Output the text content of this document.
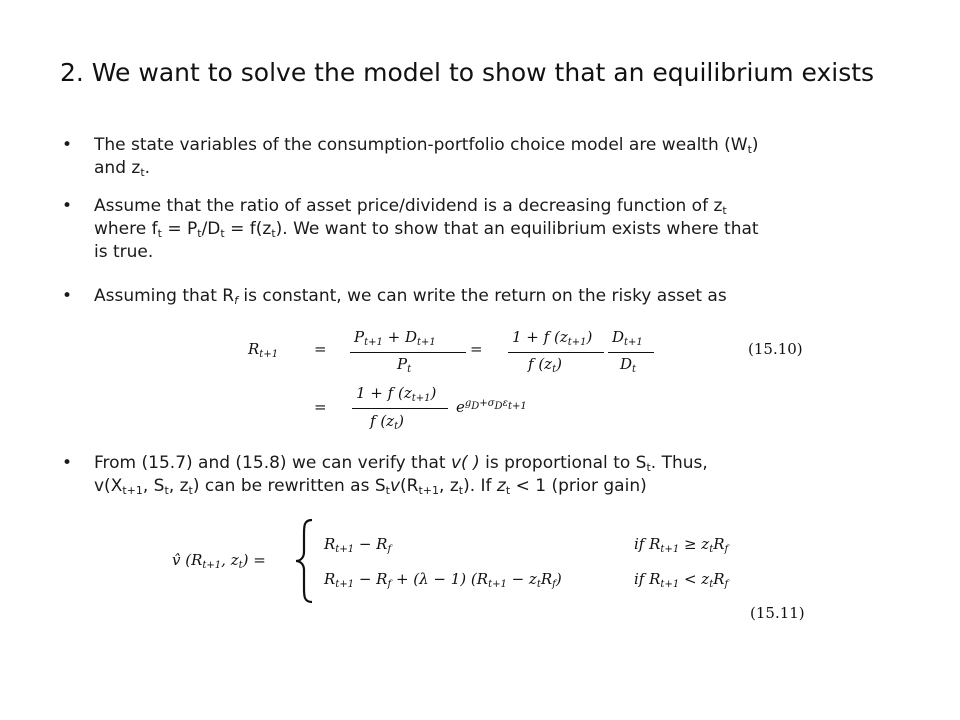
2. We want to solve the model to show that an equilibrium exists
•	The state variables of the consumption-portfolio choice model are wealth $(W_t)$
and $z_t$.
•	Assume that the ratio of asset price/dividend is a decreasing function of $z_t$
where $f_t = P_t/D_t = f(z_t)$. We want to show that an equilibrium exists where that
is true.
•	Assuming that $R_f$ is constant, we can write the return on the risky asset as
$R_{t+1}$ =
$P_{t+1} + D_{t+1}$
$P_t$
=
1 + f $(z_{t+1})$
f $(z_t)$
$D_{t+1}$
$D_t$
(15.10)
=
1 + f $(z_{t+1})$
f $(z_t)$
$e^{g_D+\sigma_D\varepsilon_{t+1}}$
•	From (15.7) and (15.8) we can verify that v( ) is proportional to $S_t$. Thus,
$v(X_{t+1}$, $S_t$, $z_t$) can be rewritten as $S_tv(R_{t+1}$, $z_t$). If $z_t < 1$ (prior gain)
v̂ ($R_{t+1}$, $z_t$) =
$R_{t+1} - R_f$
$R_{t+1} - R_f + (\lambda - 1) (R_{t+1} - z_tR_f)$
if $R_{t+1} \ge z_tR_f$
if $R_{t+1} < z_tR_f$
(15.11)
